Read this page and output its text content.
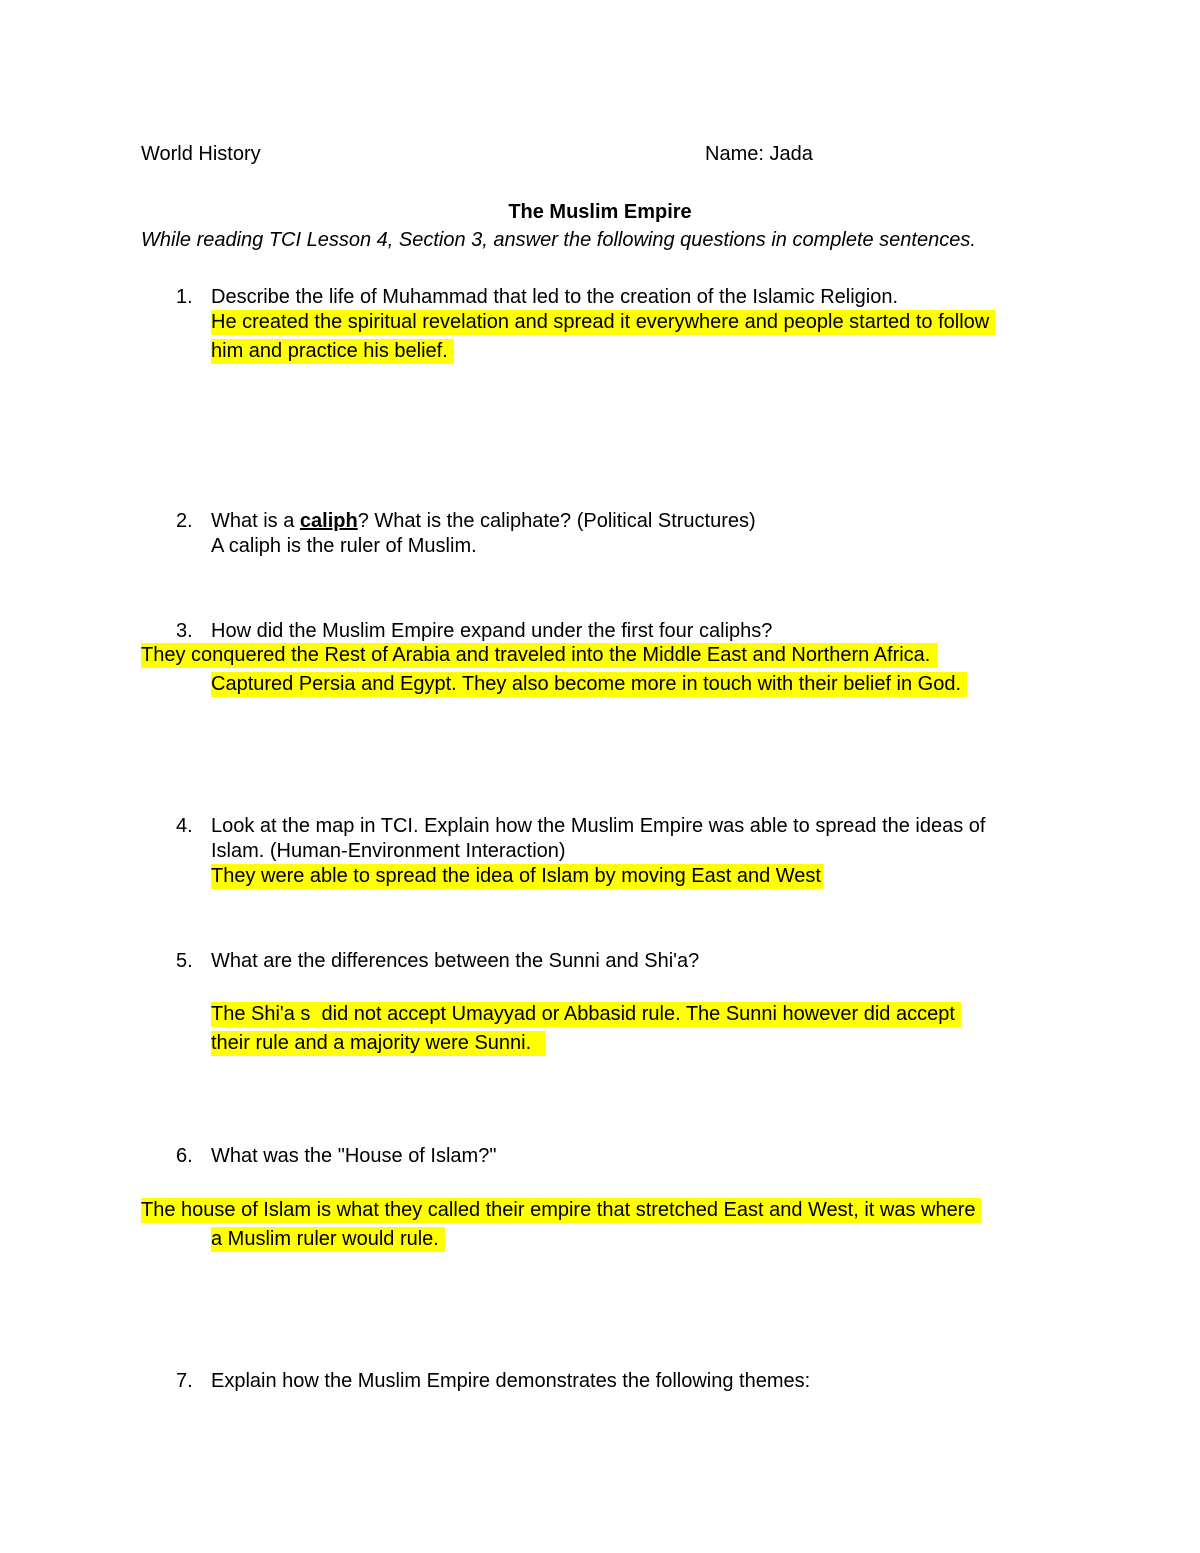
World History	Name: Jada
The Muslim Empire
While reading TCI Lesson 4, Section 3, answer the following questions in complete sentences.
1. Describe the life of Muhammad that led to the creation of the Islamic Religion.
He created the spiritual revelation and spread it everywhere and people started to follow
him and practice his belief.
2. What is a caliph? What is the caliphate? (Political Structures)
A caliph is the ruler of Muslim.
3. How did the Muslim Empire expand under the first four caliphs?
They conquered the Rest of Arabia and traveled into the Middle East and Northern Africa.
Captured Persia and Egypt. They also become more in touch with their belief in God.
4. Look at the map in TCI. Explain how the Muslim Empire was able to spread the ideas of
Islam. (Human-Environment Interaction)
They were able to spread the idea of Islam by moving East and West
5. What are the differences between the Sunni and Shi'a?
The Shi'a s  did not accept Umayyad or Abbasid rule. The Sunni however did accept
their rule and a majority were Sunni.
6. What was the "House of Islam?"
The house of Islam is what they called their empire that stretched East and West, it was where
a Muslim ruler would rule.
7. Explain how the Muslim Empire demonstrates the following themes:
